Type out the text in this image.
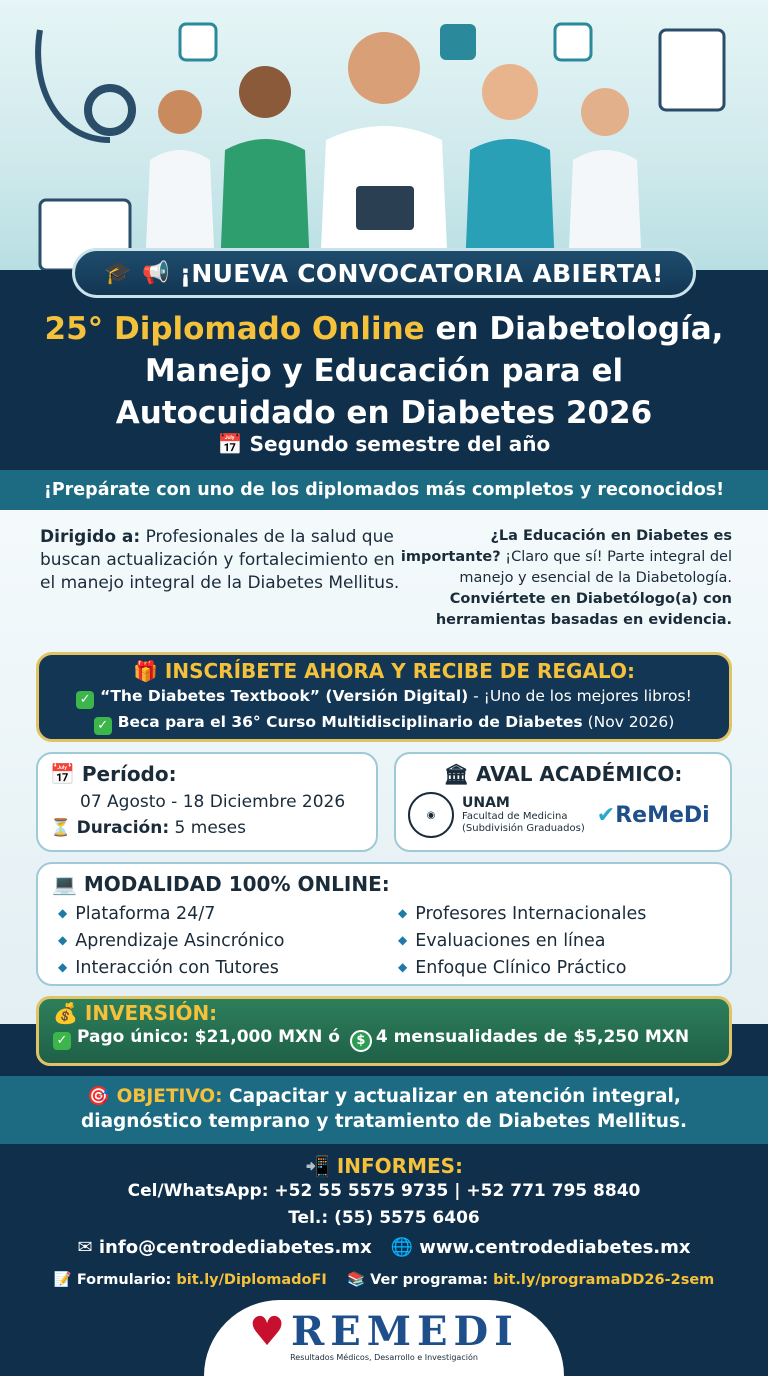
🎓 📢 ¡NUEVA CONVOCATORIA ABIERTA!
25° Diplomado Online en Diabetología,
Manejo y Educación para el
Autocuidado en Diabetes 2026
📅 Segundo semestre del año
¡Prepárate con uno de los diplomados más completos y reconocidos!
Dirigido a: Profesionales de la salud que buscan actualización y fortalecimiento en el manejo integral de la Diabetes Mellitus.
¿La Educación en Diabetes es importante? ¡Claro que sí! Parte integral del manejo y esencial de la Diabetología. Conviértete en Diabetólogo(a) con herramientas basadas en evidencia.
🎁 INSCRÍBETE AHORA Y RECIBE DE REGALO:
✓ “The Diabetes Textbook” (Versión Digital) - ¡Uno de los mejores libros!
✓ Beca para el 36° Curso Multidisciplinario de Diabetes (Nov 2026)
📅 Período:
07 Agosto - 18 Diciembre 2026
⏳ Duración: 5 meses
🏛 AVAL ACADÉMICO:
◉
UNAM
Facultad de Medicina
(Subdivisión Graduados)
✔ReMeDi
💻 MODALIDAD 100% ONLINE:
◆ Plataforma 24/7	◆ Profesores Internacionales
◆ Aprendizaje Asincrónico	◆ Evaluaciones en línea
◆ Interacción con Tutores	◆ Enfoque Clínico Práctico
💰 INVERSIÓN:
✓ Pago único: $21,000 MXN ó $ 4 mensualidades de $5,250 MXN

🎯 OBJETIVO: Capacitar y actualizar en atención integral,

diagnóstico temprano y tratamiento de Diabetes Mellitus.

📲 INFORMES:
Cel/WhatsApp: +52 55 5575 9735 | +52 771 795 8840
Tel.: (55) 5575 6406
✉ info@centrodediabetes.mx 🌐 www.centrodediabetes.mx
📝 Formulario: bit.ly/DiplomadoFI 📚 Ver programa: bit.ly/programaDD26-2sem
♥REMEDI
Resultados Médicos, Desarrollo e Investigación
